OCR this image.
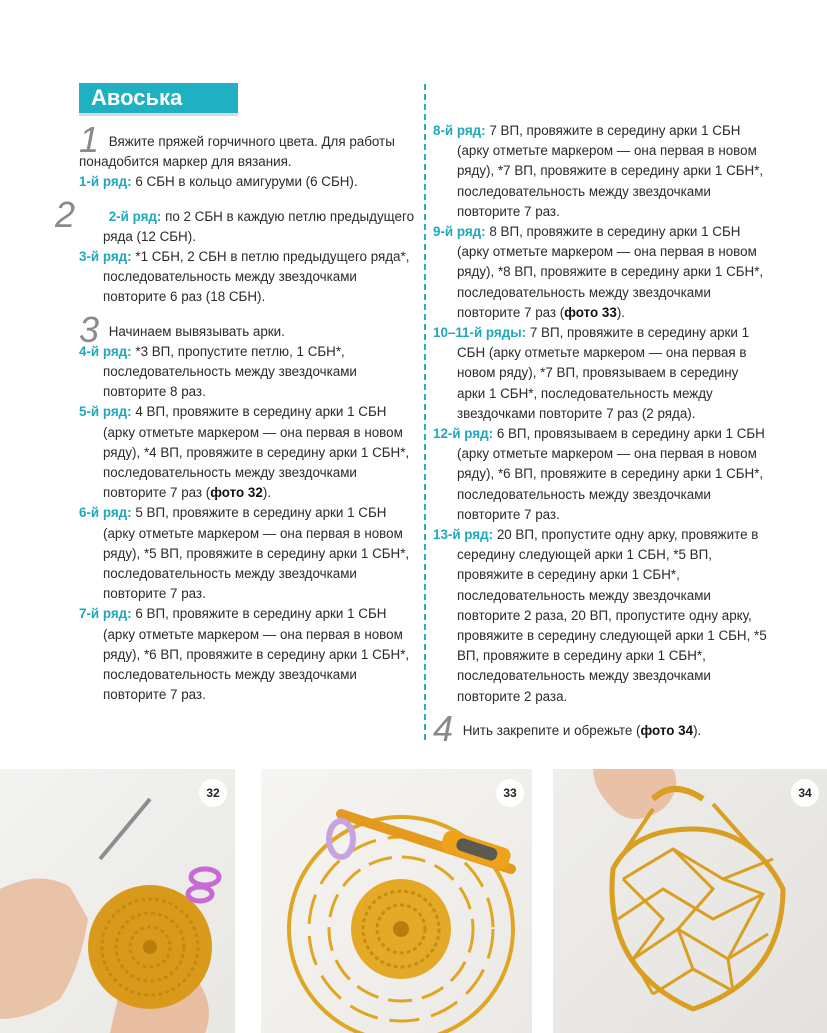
Авоська
1 Вяжите пряжей горчичного цвета. Для работы понадобится маркер для вязания.
1-й ряд: 6 СБН в кольцо амигуруми (6 СБН).
2	2-й ряд: по 2 СБН в каждую петлю предыдущего ряда (12 СБН).
3-й ряд: *1 СБН, 2 СБН в петлю предыдущего ряда*, последовательность между звездочками повторите 6 раз (18 СБН).
3 Начинаем вывязывать арки.
4-й ряд: *3 ВП, пропустите петлю, 1 СБН*, последовательность между звездочками повторите 8 раз.
5-й ряд: 4 ВП, провяжите в середину арки 1 СБН (арку отметьте маркером — она первая в новом ряду), *4 ВП, провяжите в середину арки 1 СБН*, последовательность между звездочками повторите 7 раз (фото 32).
6-й ряд: 5 ВП, провяжите в середину арки 1 СБН (арку отметьте маркером — она первая в новом ряду), *5 ВП, провяжите в середину арки 1 СБН*, последовательность между звездочками повторите 7 раз.
7-й ряд: 6 ВП, провяжите в середину арки 1 СБН (арку отметьте маркером — она первая в новом ряду), *6 ВП, провяжите в середину арки 1 СБН*, последовательность между звездочками повторите 7 раз.
8-й ряд: 7 ВП, провяжите в середину арки 1 СБН (арку отметьте маркером — она первая в новом ряду), *7 ВП, провяжите в середину арки 1 СБН*, последовательность между звездочками повторите 7 раз.
9-й ряд: 8 ВП, провяжите в середину арки 1 СБН (арку отметьте маркером — она первая в новом ряду), *8 ВП, провяжите в середину арки 1 СБН*, последовательность между звездочками повторите 7 раз (фото 33).
10–11-й ряды: 7 ВП, провяжите в середину арки 1 СБН (арку отметьте маркером — она первая в новом ряду), *7 ВП, провязываем в середину арки 1 СБН*, последовательность между звездочками повторите 7 раз (2 ряда).
12-й ряд: 6 ВП, провязываем в середину арки 1 СБН (арку отметьте маркером — она первая в новом ряду), *6 ВП, провяжите в середину арки 1 СБН*, последовательность между звездочками повторите 7 раз.
13-й ряд: 20 ВП, пропустите одну арку, провяжите в середину следующей арки 1 СБН, *5 ВП, провяжите в середину арки 1 СБН*, последовательность между звездочками повторите 2 раза, 20 ВП, пропустите одну арку, провяжите в середину следующей арки 1 СБН, *5 ВП, провяжите в середину арки 1 СБН*, последовательность между звездочками повторите 2 раза.
4 Нить закрепите и обрежьте (фото 34).
32	33	34
